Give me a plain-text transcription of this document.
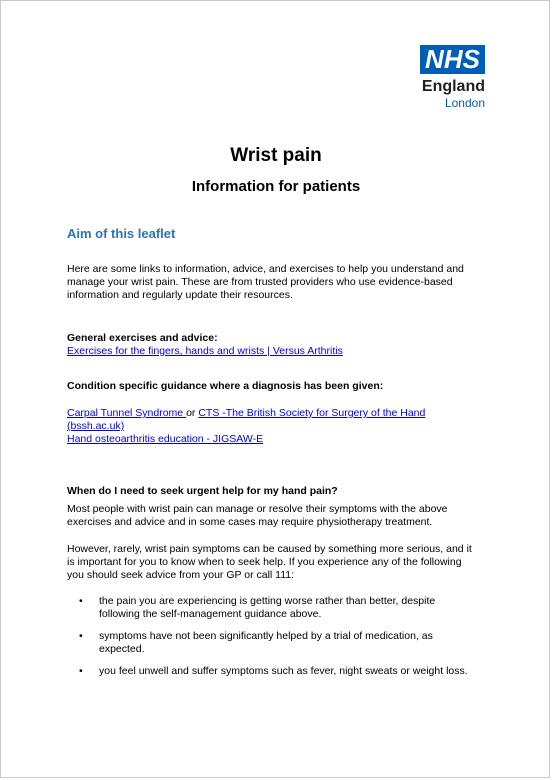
NHS
England
London
Wrist pain
Information for patients
Aim of this leaflet
Here are some links to information, advice, and exercises to help you understand and manage your wrist pain. These are from trusted providers who use evidence-based information and regularly update their resources.
General exercises and advice:
Exercises for the fingers, hands and wrists | Versus Arthritis
Condition specific guidance where a diagnosis has been given:
Carpal Tunnel Syndrome or CTS -The British Society for Surgery of the Hand (bssh.ac.uk)
Hand osteoarthritis education - JIGSAW-E
When do I need to seek urgent help for my hand pain?
Most people with wrist pain can manage or resolve their symptoms with the above exercises and advice and in some cases may require physiotherapy treatment.
However, rarely, wrist pain symptoms can be caused by something more serious, and it is important for you to know when to seek help. If you experience any of the following you should seek advice from your GP or call 111:
• the pain you are experiencing is getting worse rather than better, despite following the self-management guidance above.
• symptoms have not been significantly helped by a trial of medication, as expected.
• you feel unwell and suffer symptoms such as fever, night sweats or weight loss.
